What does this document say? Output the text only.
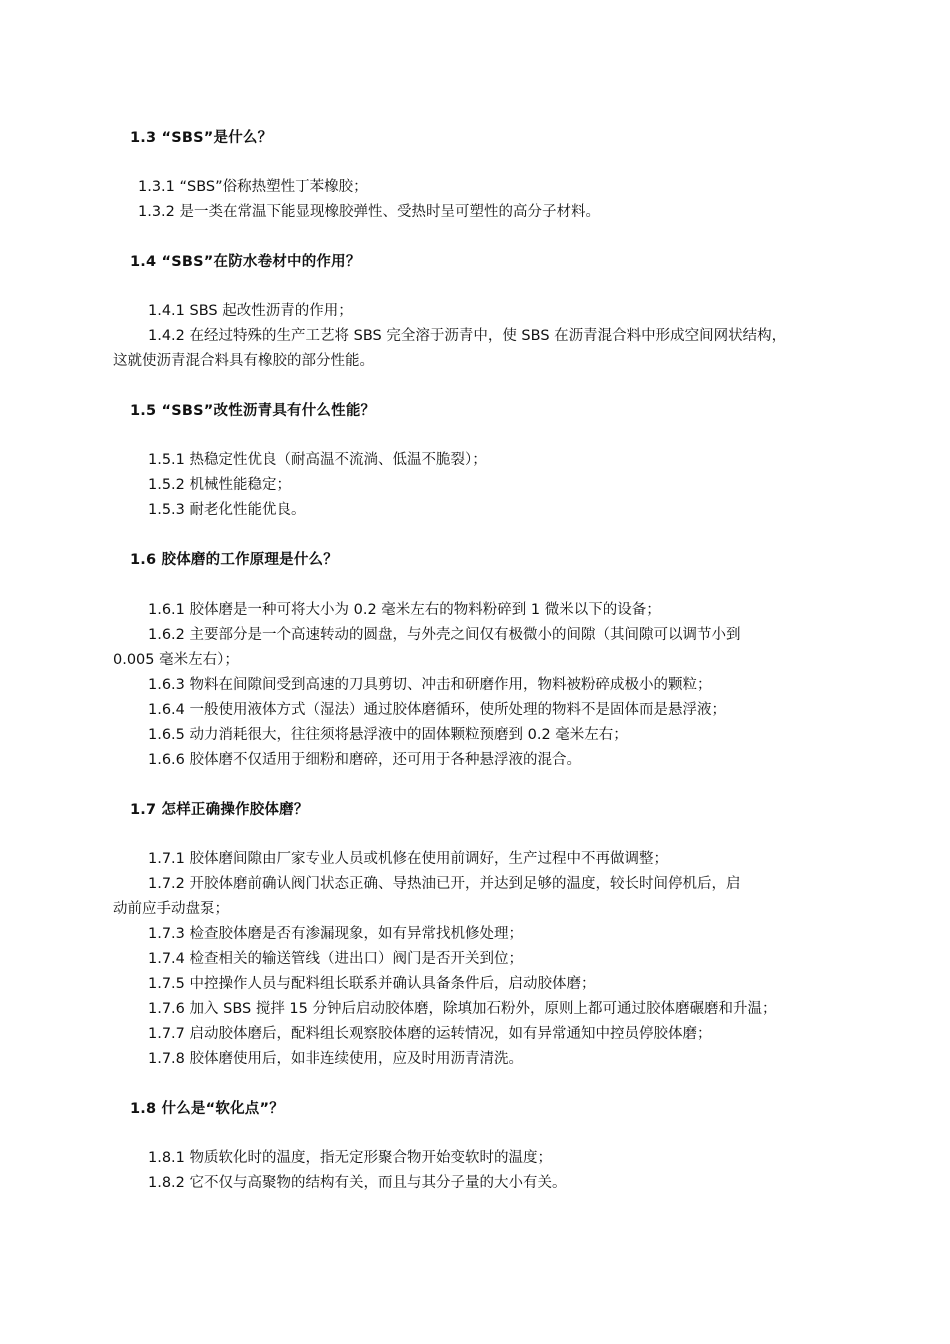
1.3 “SBS”是什么？

1.3.1 “SBS”俗称热塑性丁苯橡胶；

1.3.2 是一类在常温下能显现橡胶弹性、受热时呈可塑性的高分子材料。

1.4 “SBS”在防水卷材中的作用？

1.4.1 SBS 起改性沥青的作用；

1.4.2 在经过特殊的生产工艺将 SBS 完全溶于沥青中，使 SBS 在沥青混合料中形成空间网状结构，

这就使沥青混合料具有橡胶的部分性能。

1.5 “SBS”改性沥青具有什么性能？

1.5.1 热稳定性优良（耐高温不流淌、低温不脆裂）；

1.5.2 机械性能稳定；

1.5.3 耐老化性能优良。

1.6 胶体磨的工作原理是什么？

1.6.1 胶体磨是一种可将大小为 0.2 毫米左右的物料粉碎到 1 微米以下的设备；

1.6.2 主要部分是一个高速转动的圆盘，与外壳之间仅有极微小的间隙（其间隙可以调节小到

0.005 毫米左右）；

1.6.3 物料在间隙间受到高速的刀具剪切、冲击和研磨作用，物料被粉碎成极小的颗粒；

1.6.4 一般使用液体方式（湿法）通过胶体磨循环，使所处理的物料不是固体而是悬浮液；

1.6.5 动力消耗很大，往往须将悬浮液中的固体颗粒预磨到 0.2 毫米左右；

1.6.6 胶体磨不仅适用于细粉和磨碎，还可用于各种悬浮液的混合。

1.7 怎样正确操作胶体磨？

1.7.1 胶体磨间隙由厂家专业人员或机修在使用前调好，生产过程中不再做调整；

1.7.2 开胶体磨前确认阀门状态正确、导热油已开，并达到足够的温度，较长时间停机后，启

动前应手动盘泵；

1.7.3 检查胶体磨是否有渗漏现象，如有异常找机修处理；

1.7.4 检查相关的输送管线（进出口）阀门是否开关到位；

1.7.5 中控操作人员与配料组长联系并确认具备条件后，启动胶体磨；

1.7.6 加入 SBS 搅拌 15 分钟后启动胶体磨，除填加石粉外，原则上都可通过胶体磨碾磨和升温；

1.7.7 启动胶体磨后，配料组长观察胶体磨的运转情况，如有异常通知中控员停胶体磨；

1.7.8 胶体磨使用后，如非连续使用，应及时用沥青清洗。

1.8 什么是“软化点”？

1.8.1 物质软化时的温度，指无定形聚合物开始变软时的温度；

1.8.2 它不仅与高聚物的结构有关，而且与其分子量的大小有关。
